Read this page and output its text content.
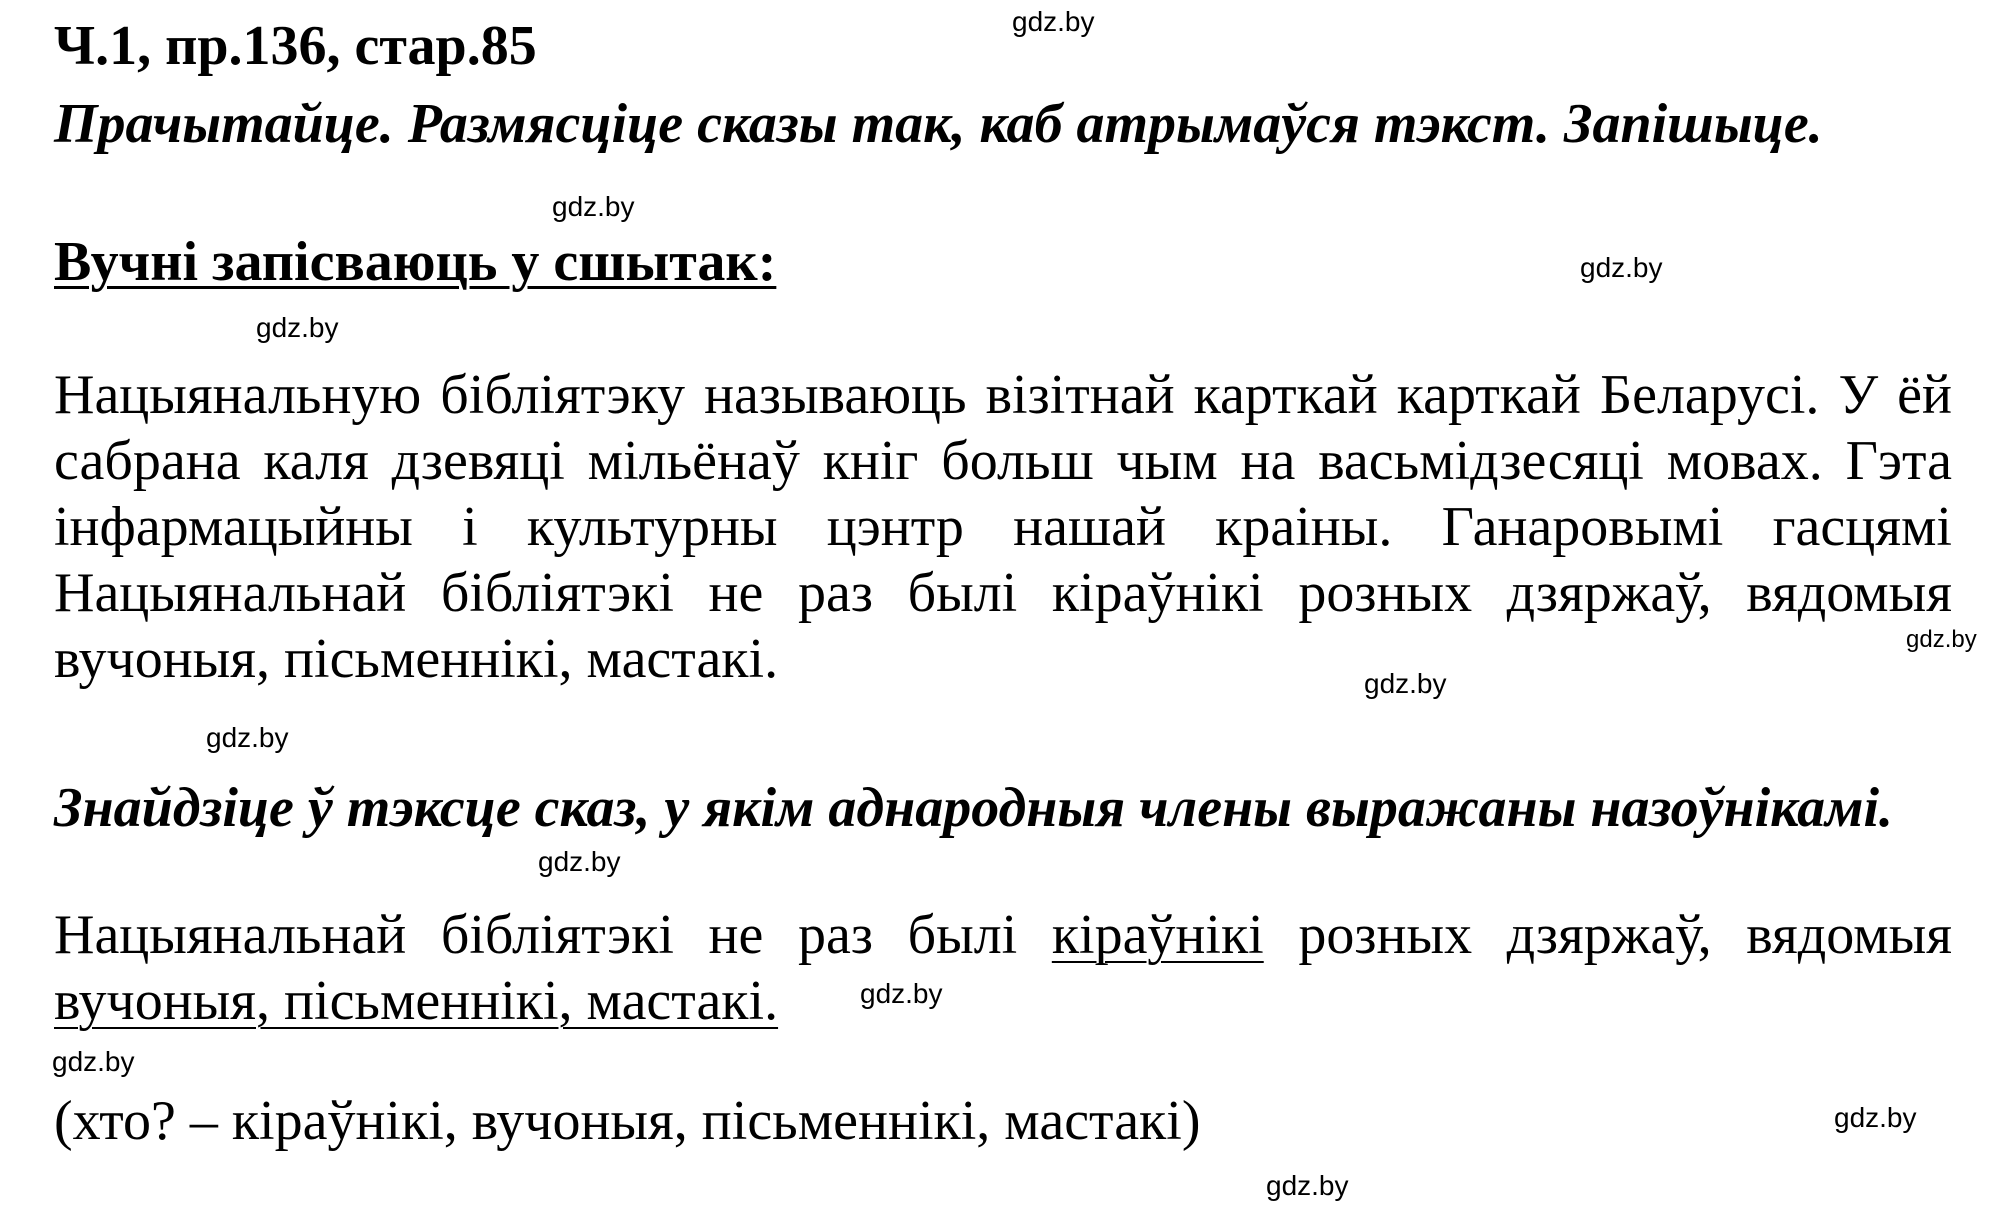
Ч.1, пр.136, стар.85
Прачытайце. Размясціце сказы так, каб атрымаўся тэкст. Запішыце.
Вучні запісваюць у сшытак:
Нацыянальную бібліятэку называюць візітнай карткай карткай Беларусі. У ёй сабрана каля дзевяці мільёнаў кніг больш чым на васьмідзесяці мовах. Гэта інфармацыйны і культурны цэнтр нашай краіны. Ганаровымі гасцямі Нацыянальнай бібліятэкі не раз былі кіраўнікі розных дзяржаў, вядомыя вучоныя, пісьменнікі, мастакі.
Знайдзіце ў тэксце сказ, у якім аднародныя члены выражаны назоўнікамі.
Нацыянальнай бібліятэкі не раз былі кіраўнікі розных дзяржаў, вядомыя вучоныя, пісьменнікі, мастакі.
(хто? – кіраўнікі, вучоныя, пісьменнікі, мастакі)
gdz.by
gdz.by
gdz.by
gdz.by
gdz.by
gdz.by
gdz.by
gdz.by
gdz.by
gdz.by
gdz.by
gdz.by
